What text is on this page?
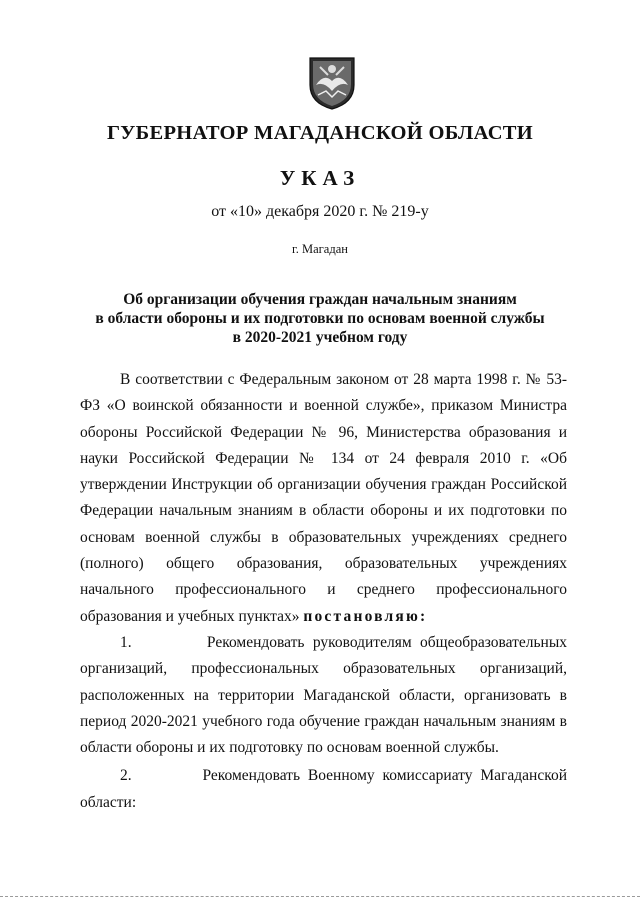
ГУБЕРНАТОР МАГАДАНСКОЙ ОБЛАСТИ
УКАЗ
от «10» декабря 2020 г. № 219-у
г. Магадан
Об организации обучения граждан начальным знаниям
в области обороны и их подготовки по основам военной службы
в 2020-2021 учебном году

В соответствии с Федеральным законом от 28 марта 1998 г. № 53-ФЗ «О воинской обязанности и военной службе», приказом Министра обороны Российской Федерации № 96, Министерства образования и науки Российской Федерации № 134 от 24 февраля 2010 г. «Об утверждении Инструкции об организации обучения граждан Российской Федерации начальным знаниям в области обороны и их подготовки по основам военной службы в образовательных учреждениях среднего (полного) общего образования, образовательных учреждениях начального профессионального и среднего профессионального образования и учебных пунктах» постановляю:

1.	Рекомендовать руководителям общеобразовательных организаций, профессиональных образовательных организаций, расположенных на территории Магаданской области, организовать в период 2020-2021 учебного года обучение граждан начальным знаниям в области обороны и их подготовку по основам военной службы.

2.	Рекомендовать Военному комиссариату Магаданской области:
